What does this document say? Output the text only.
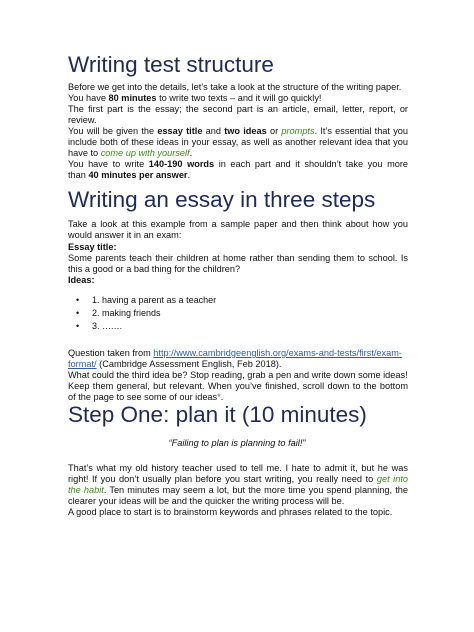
Writing test structure
Before we get into the details, let’s take a look at the structure of the writing paper.
You have 80 minutes to write two texts – and it will go quickly!
The first part is the essay; the second part is an article, email, letter, report, or
review.
You will be given the essay title and two ideas or prompts. It’s essential that you
include both of these ideas in your essay, as well as another relevant idea that you
have to come up with yourself.
You have to write 140-190 words in each part and it shouldn’t take you more
than 40 minutes per answer.
Writing an essay in three steps
Take a look at this example from a sample paper and then think about how you
would answer it in an exam:
Essay title:
Some parents teach their children at home rather than sending them to school. Is
this a good or a bad thing for the children?
Ideas:
• 1. having a parent as a teacher
• 2. making friends
• 3. ….…
Question taken from http://www.cambridgeenglish.org/exams-and-tests/first/exam-
format/ (Cambridge Assessment English, Feb 2018).
What could the third idea be? Stop reading, grab a pen and write down some ideas!
Step One: plan it (10 minutes)
“Failing to plan is planning to fail!”
That’s what my old history teacher used to tell me. I hate to admit it, but he was
right! If you don’t usually plan before you start writing, you really need to get into
the habit. Ten minutes may seem a lot, but the more time you spend planning, the
clearer your ideas will be and the quicker the writing process will be.
A good place to start is to brainstorm keywords and phrases related to the topic.
Keep them general, but relevant. When you’ve finished, scroll down to the bottom
of the page to see some of our ideas*.
